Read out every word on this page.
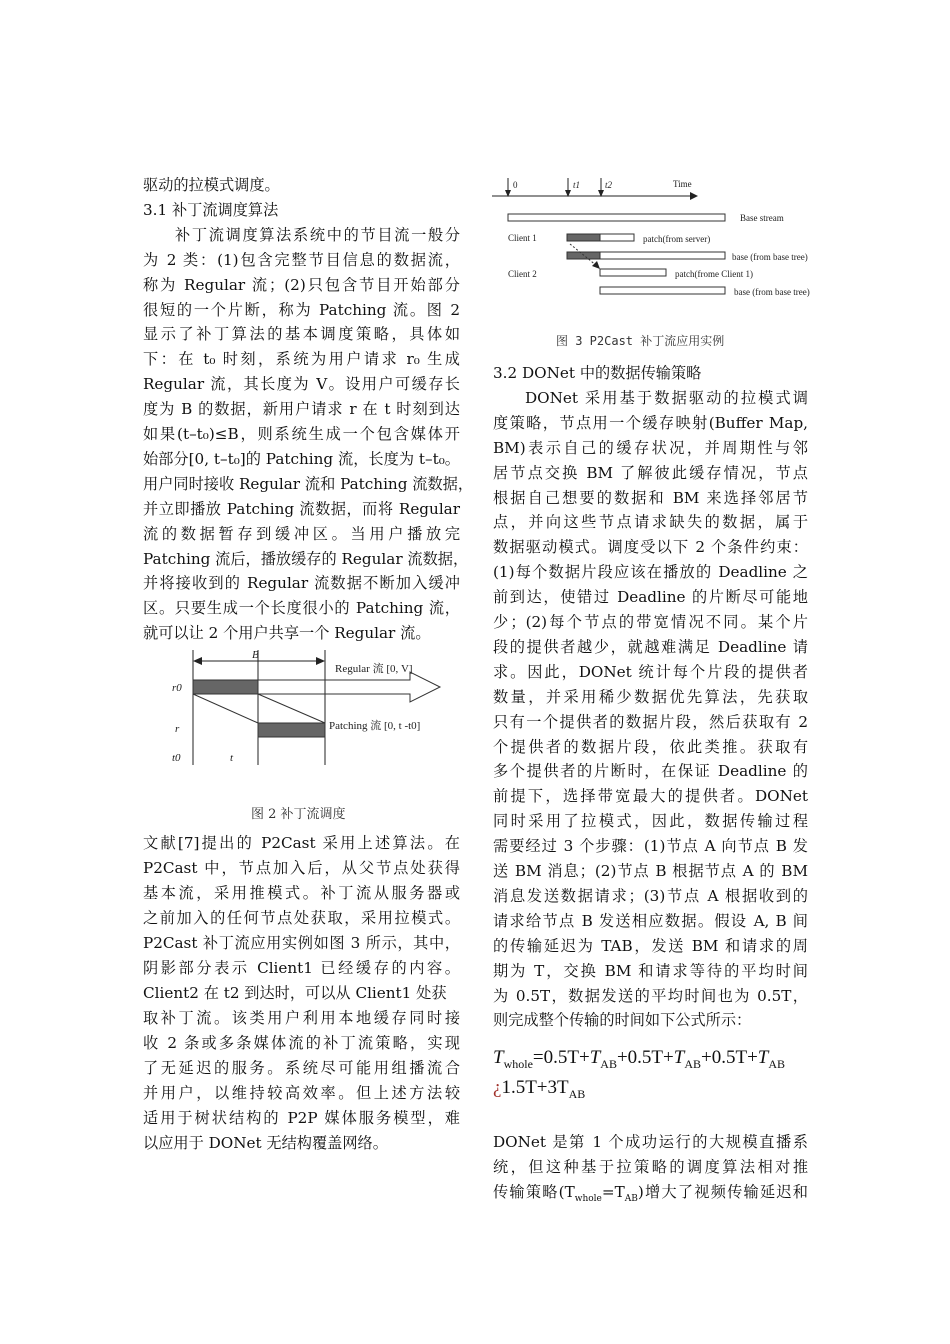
驱动的拉模式调度。
3.1 补丁流调度算法
补丁流调度算法系统中的节目流一般分
为 2 类：(1)包含完整节目信息的数据流，
称为 Regular 流；(2)只包含节目开始部分
很短的一个片断，称为 Patching 流。图 2
显示了补丁算法的基本调度策略，具体如
下：在 t₀ 时刻，系统为用户请求 r₀ 生成
Regular 流，其长度为 V。设用户可缓存长
度为 B 的数据，新用户请求 r 在 t 时刻到达
如果(t–t₀)≤B，则系统生成一个包含媒体开
始部分[0, t–t₀]的 Patching 流，长度为 t–t₀。
用户同时接收 Regular 流和 Patching 流数据，
并立即播放 Patching 流数据，而将 Regular
流的数据暂存到缓冲区。当用户播放完
Patching 流后，播放缓存的 Regular 流数据，
并将接收到的 Regular 流数据不断加入缓冲
区。只要生成一个长度很小的 Patching 流，
就可以让 2 个用户共享一个 Regular 流。
B
Regular 流 [0, V]
Patching 流 [0, t -t0]
r0
r
t0	t
图 2 补丁流调度
文献[7]提出的 P2Cast 采用上述算法。在
P2Cast 中，节点加入后，从父节点处获得
基本流，采用推模式。补丁流从服务器或
之前加入的任何节点处获取，采用拉模式。
P2Cast 补丁流应用实例如图 3 所示，其中，
阴影部分表示 Client1 已经缓存的内容。
Client2 在 t2 到达时，可以从 Client1 处获
取补丁流。该类用户利用本地缓存同时接
收 2 条或多条媒体流的补丁流策略，实现
了无延迟的服务。系统尽可能用组播流合
并用户，以维持较高效率。但上述方法较
适用于树状结构的 P2P 媒体服务模型，难
以应用于 DONet 无结构覆盖网络。
0	t1	t2	Time
Base stream
Client 1	patch(from server)
base (from base tree)
Client 2	patch(frome Client 1)
base (from base tree)
图 3 P2Cast 补丁流应用实例
3.2 DONet 中的数据传输策略
DONet 采用基于数据驱动的拉模式调
度策略，节点用一个缓存映射(Buffer Map,
BM)表示自己的缓存状况，并周期性与邻
居节点交换 BM 了解彼此缓存情况，节点
根据自己想要的数据和 BM 来选择邻居节
点，并向这些节点请求缺失的数据，属于
数据驱动模式。调度受以下 2 个条件约束：
(1)每个数据片段应该在播放的 Deadline 之
前到达，使错过 Deadline 的片断尽可能地
少；(2)每个节点的带宽情况不同。某个片
段的提供者越少，就越难满足 Deadline 请
求。因此，DONet 统计每个片段的提供者
数量，并采用稀少数据优先算法，先获取
只有一个提供者的数据片段，然后获取有 2
个提供者的数据片段，依此类推。获取有
多个提供者的片断时，在保证 Deadline 的
前提下，选择带宽最大的提供者。DONet
同时采用了拉模式，因此，数据传输过程
需要经过 3 个步骤：(1)节点 A 向节点 B 发
送 BM 消息；(2)节点 B 根据节点 A 的 BM
消息发送数据请求；(3)节点 A 根据收到的
请求给节点 B 发送相应数据。假设 A, B 间
的传输延迟为 TAB，发送 BM 和请求的周
期为 T，交换 BM 和请求等待的平均时间
为 0.5T，数据发送的平均时间也为 0.5T，
则完成整个传输的时间如下公式所示：
$T_{whole}=0.5T+T_{AB}+0.5T+T_{AB}+0.5T+T_{AB}$
¿$1.5T+3T_{AB}$
DONet 是第 1 个成功运行的大规模直播系
统，但这种基于拉策略的调度算法相对推
传输策略$(T_{whole}=T_{AB})$增大了视频传输延迟和
